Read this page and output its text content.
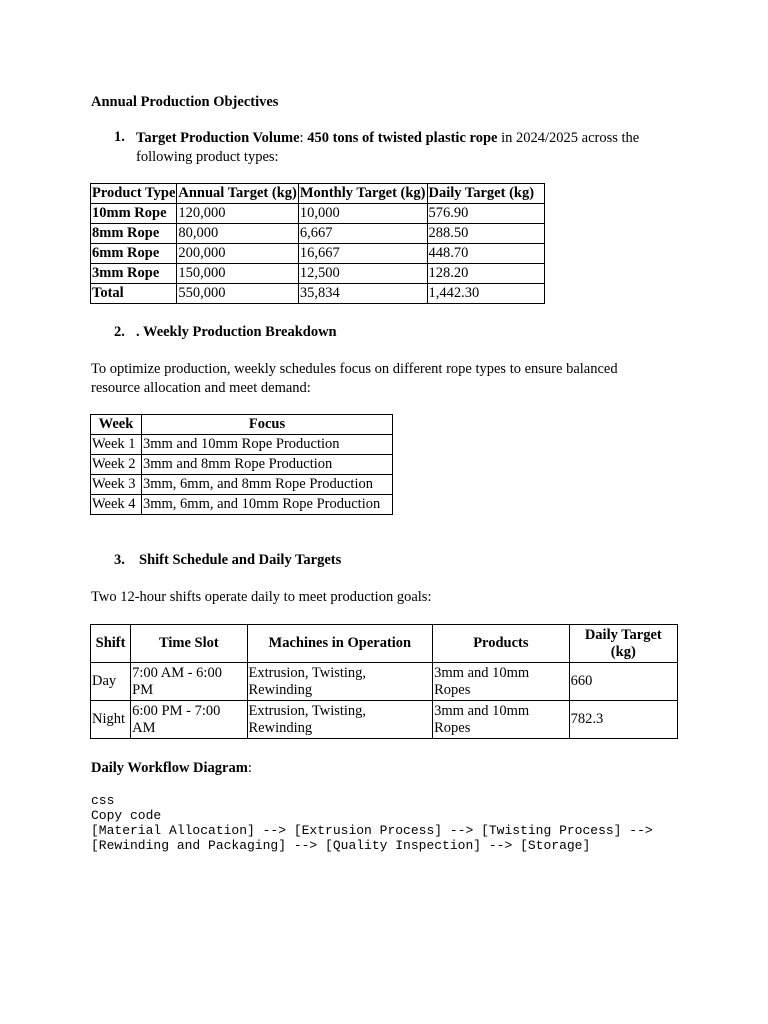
Annual Production Objectives

1. Target Production Volume: 450 tons of twisted plastic rope in 2024/2025 across the
following product types:
Product Type	Annual Target (kg)	Monthly Target (kg)	Daily Target (kg)
10mm Rope	120,000	10,000	576.90
8mm Rope	80,000	6,667	288.50
6mm Rope	200,000	16,667	448.70
3mm Rope	150,000	12,500	128.20
Total	550,000	35,834	1,442.30
2. . Weekly Production Breakdown
To optimize production, weekly schedules focus on different rope types to ensure balanced
resource allocation and meet demand:
Week	Focus
Week 1	3mm and 10mm Rope Production
Week 2	3mm and 8mm Rope Production
Week 3	3mm, 6mm, and 8mm Rope Production
Week 4	3mm, 6mm, and 10mm Rope Production
3. Shift Schedule and Daily Targets

Two 12-hour shifts operate daily to meet production goals:

Shift	Time Slot	Machines in Operation	Products	Daily Target (kg)
Day	7:00 AM - 6:00 PM	Extrusion, Twisting, Rewinding	3mm and 10mm Ropes	660
Night	6:00 PM - 7:00 AM	Extrusion, Twisting, Rewinding	3mm and 10mm Ropes	782.3

Daily Workflow Diagram:

css
Copy code
[Material Allocation] --> [Extrusion Process] --> [Twisting Process] -->
[Rewinding and Packaging] --> [Quality Inspection] --> [Storage]
